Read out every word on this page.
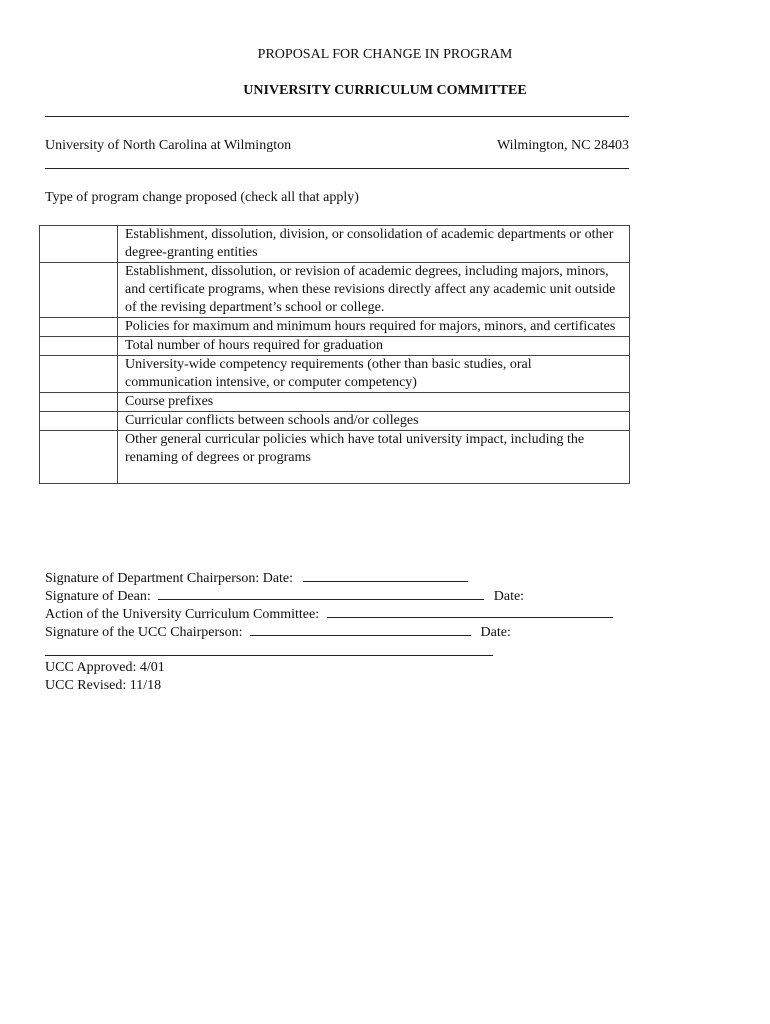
PROPOSAL FOR CHANGE IN PROGRAM
UNIVERSITY CURRICULUM COMMITTEE
University of North Carolina at Wilmington	Wilmington, NC 28403
Type of program change proposed (check all that apply)
	Establishment, dissolution, division, or consolidation of academic departments or other degree-granting entities
	Establishment, dissolution, or revision of academic degrees, including majors, minors, and certificate programs, when these revisions directly affect any academic unit outside of the revising department’s school or college.
	Policies for maximum and minimum hours required for majors, minors, and certificates
	Total number of hours required for graduation
	University-wide competency requirements (other than basic studies, oral communication intensive, or computer competency)
	Course prefixes
	Curricular conflicts between schools and/or colleges
	Other general curricular policies which have total university impact, including the renaming of degrees or programs
Signature of Department Chairperson: Date:
Signature of Dean:	Date:
Action of the University Curriculum Committee:
Signature of the UCC Chairperson:	Date:
UCC Approved: 4/01
UCC Revised: 11/18
